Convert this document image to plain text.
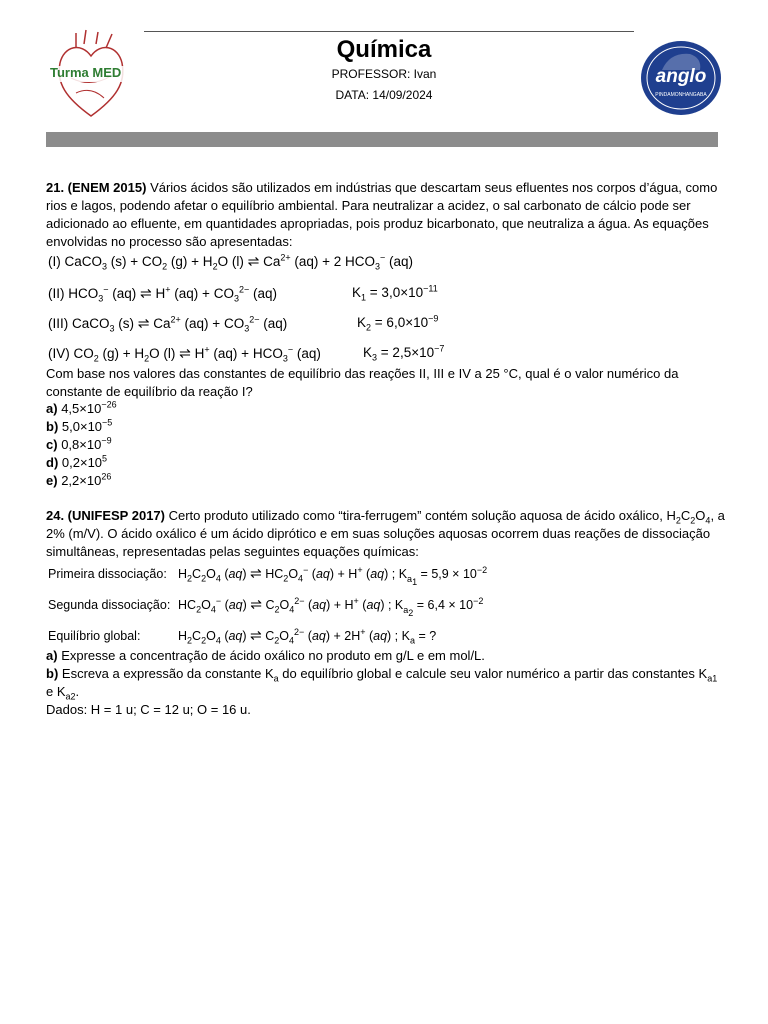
Turma MED
Química
PROFESSOR: Ivan
DATA: 14/09/2024
anglo
PINDAMONHANGABA

21. (ENEM 2015) Vários ácidos são utilizados em indústrias que descartam seus efluentes nos corpos d’água, como rios e lagos, podendo afetar o equilíbrio ambiental. Para neutralizar a acidez, o sal carbonato de cálcio pode ser adicionado ao efluente, em quantidades apropriadas, pois produz bicarbonato, que neutraliza a água. As equações envolvidas no processo são apresentadas:

(I) CaCO$_3$ $(s) + CO_2$ $(g) + H_2O$ (l) ⇌ $Ca^{2+}$ (aq) + 2 $HCO_3^-$ (aq)
(II) $HCO_3^-$ (aq) ⇌ H+ $(aq) + CO_3^{2-}$ (aq)	$K_1 = 3,0\times 10^{-11}$
(III) CaCO$_3$ (s) ⇌ $Ca^{2+}$ $(aq) + CO_3^{2-}$ (aq)	$K_2 = 6,0\times 10^{-9}$
(IV) $CO_2$ $(g) + H_2O$ (l) ⇌ H+ $(aq) + HCO_3^-$ (aq)	$K_3 = 2,5\times 10^{-7}$

Com base nos valores das constantes de equilíbrio das reações II, III e IV a 25 °C, qual é o valor numérico da constante de equilíbrio da reação I?

a) $4,5\times 10^{-26}$

b) $5,0\times 10^{-5}$

c) $0,8\times 10^{-9}$

d) $0,2\times 10^5$

e) $2,2\times 10^{26}$

24. (UNIFESP 2017) Certo produto utilizado como “tira-ferrugem” contém solução aquosa de ácido oxálico, $H_2C_2O_4$, a 2% (m/V). O ácido oxálico é um ácido diprótico e em suas soluções aquosas ocorrem duas reações de dissociação simultâneas, representadas pelas seguintes equações químicas:

Primeira dissociação: $H_2C_2O_4$ (aq) ⇌ $HC_2O_4^-$ (aq) + H+ (aq) ; $K_{a_1} = 5,9 \times 10^{-2}$
Segunda dissociação: $HC_2O_4^-$ (aq) ⇌ $C_2O_4^{2-}$ (aq) + H+ (aq) ; $K_{a_2} = 6,4 \times 10^{-2}$
Equilíbrio global:	$H_2C_2O_4$ (aq) ⇌ $C_2O_4^{2-}$ (aq) + 2H+ (aq) ; $K_a$ = ?

a) Expresse a concentração de ácido oxálico no produto em g/L e em mol/L.

b) Escreva a expressão da constante $K_a$ do equilíbrio global e calcule seu valor numérico a partir das constantes $K_{a1}$ e $K_{a2}$.

Dados: H = 1 u; C = 12 u; O = 16 u.
